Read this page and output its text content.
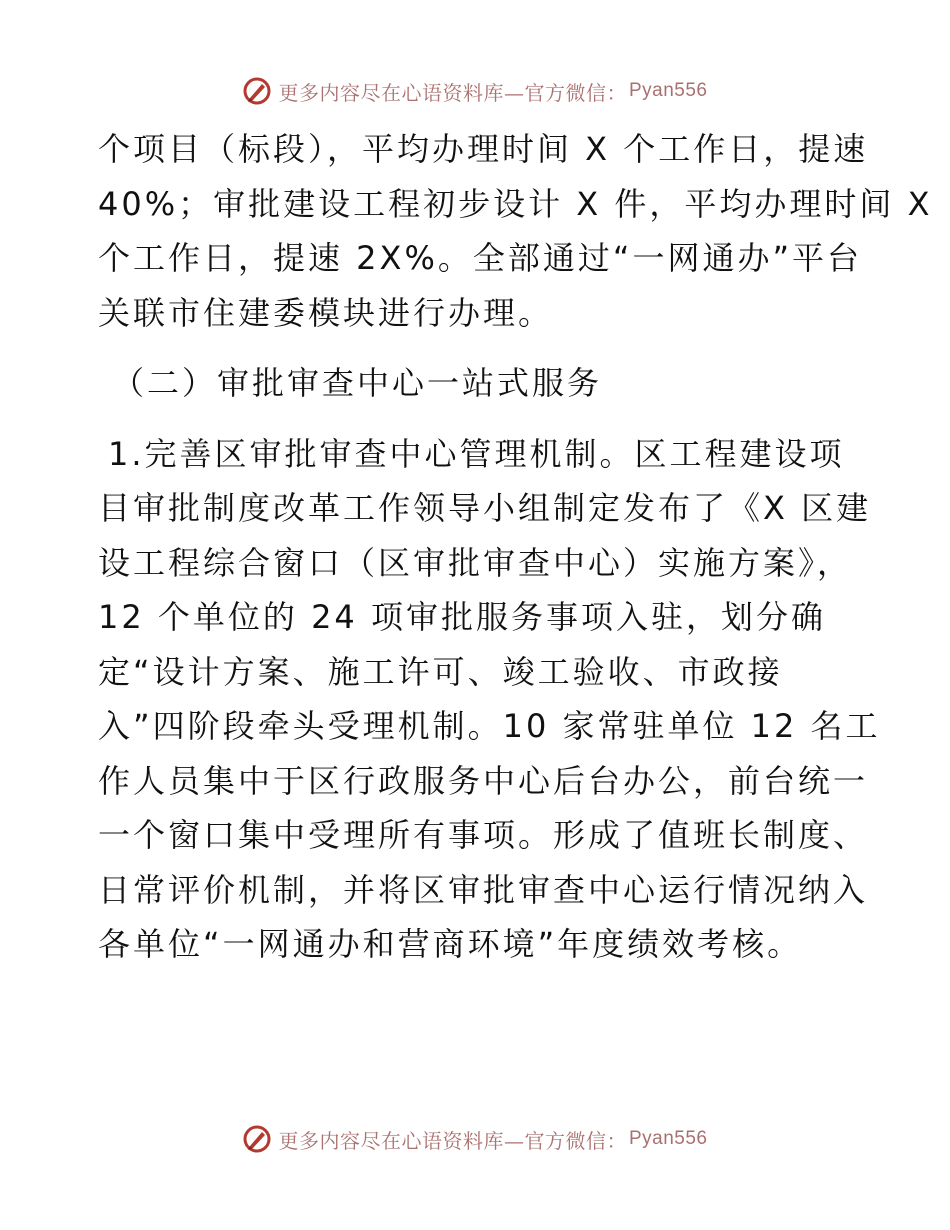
更多内容尽在心语资料库—官方微信： Pyan556

个项目（标段），平均办理时间 X 个工作日，提速

40%；审批建设工程初步设计 X 件，平均办理时间 X

个工作日，提速 2X%。全部通过“一网通办”平台

关联市住建委模块进行办理。

（二）审批审查中心一站式服务

1.完善区审批审查中心管理机制。区工程建设项

目审批制度改革工作领导小组制定发布了《X 区建

设工程综合窗口（区审批审查中心）实施方案》，

12 个单位的 24 项审批服务事项入驻，划分确

定“设计方案、施工许可、竣工验收、市政接

入”四阶段牵头受理机制。10 家常驻单位 12 名工

作人员集中于区行政服务中心后台办公，前台统一

一个窗口集中受理所有事项。形成了值班长制度、

日常评价机制，并将区审批审查中心运行情况纳入

各单位“一网通办和营商环境”年度绩效考核。

更多内容尽在心语资料库—官方微信： Pyan556
